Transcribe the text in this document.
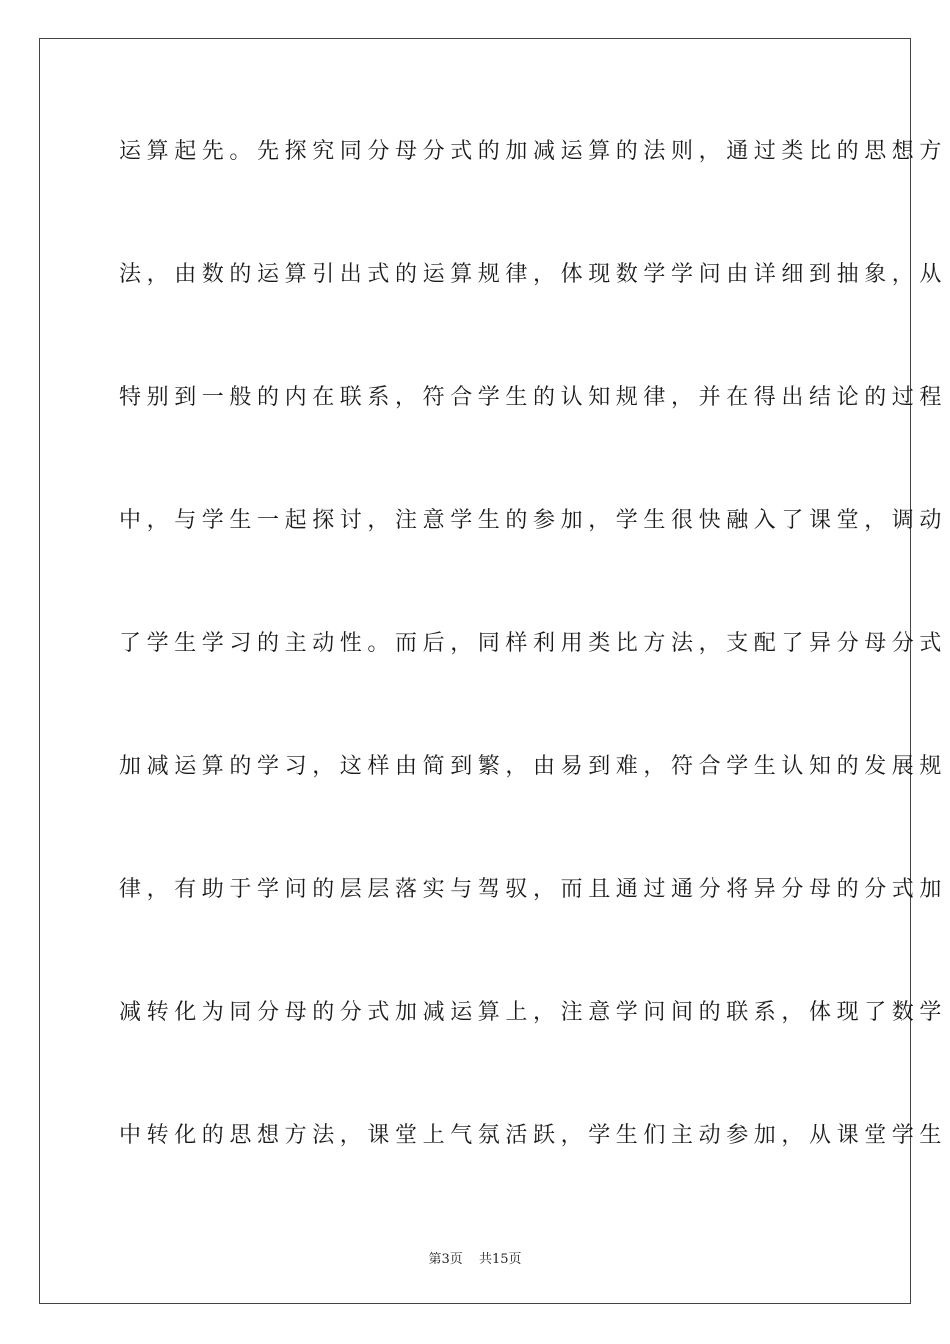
运算起先。先探究同分母分式的加减运算的法则，通过类比的思想方
法，由数的运算引出式的运算规律，体现数学学问由详细到抽象，从
特别到一般的内在联系，符合学生的认知规律，并在得出结论的过程
中，与学生一起探讨，注意学生的参加，学生很快融入了课堂，调动
了学生学习的主动性。而后，同样利用类比方法，支配了异分母分式
加减运算的学习，这样由简到繁，由易到难，符合学生认知的发展规
律，有助于学问的层层落实与驾驭，而且通过通分将异分母的分式加
减转化为同分母的分式加减运算上，注意学问间的联系，体现了数学
中转化的思想方法，课堂上气氛活跃，学生们主动参加，从课堂学生
第3页 共15页
